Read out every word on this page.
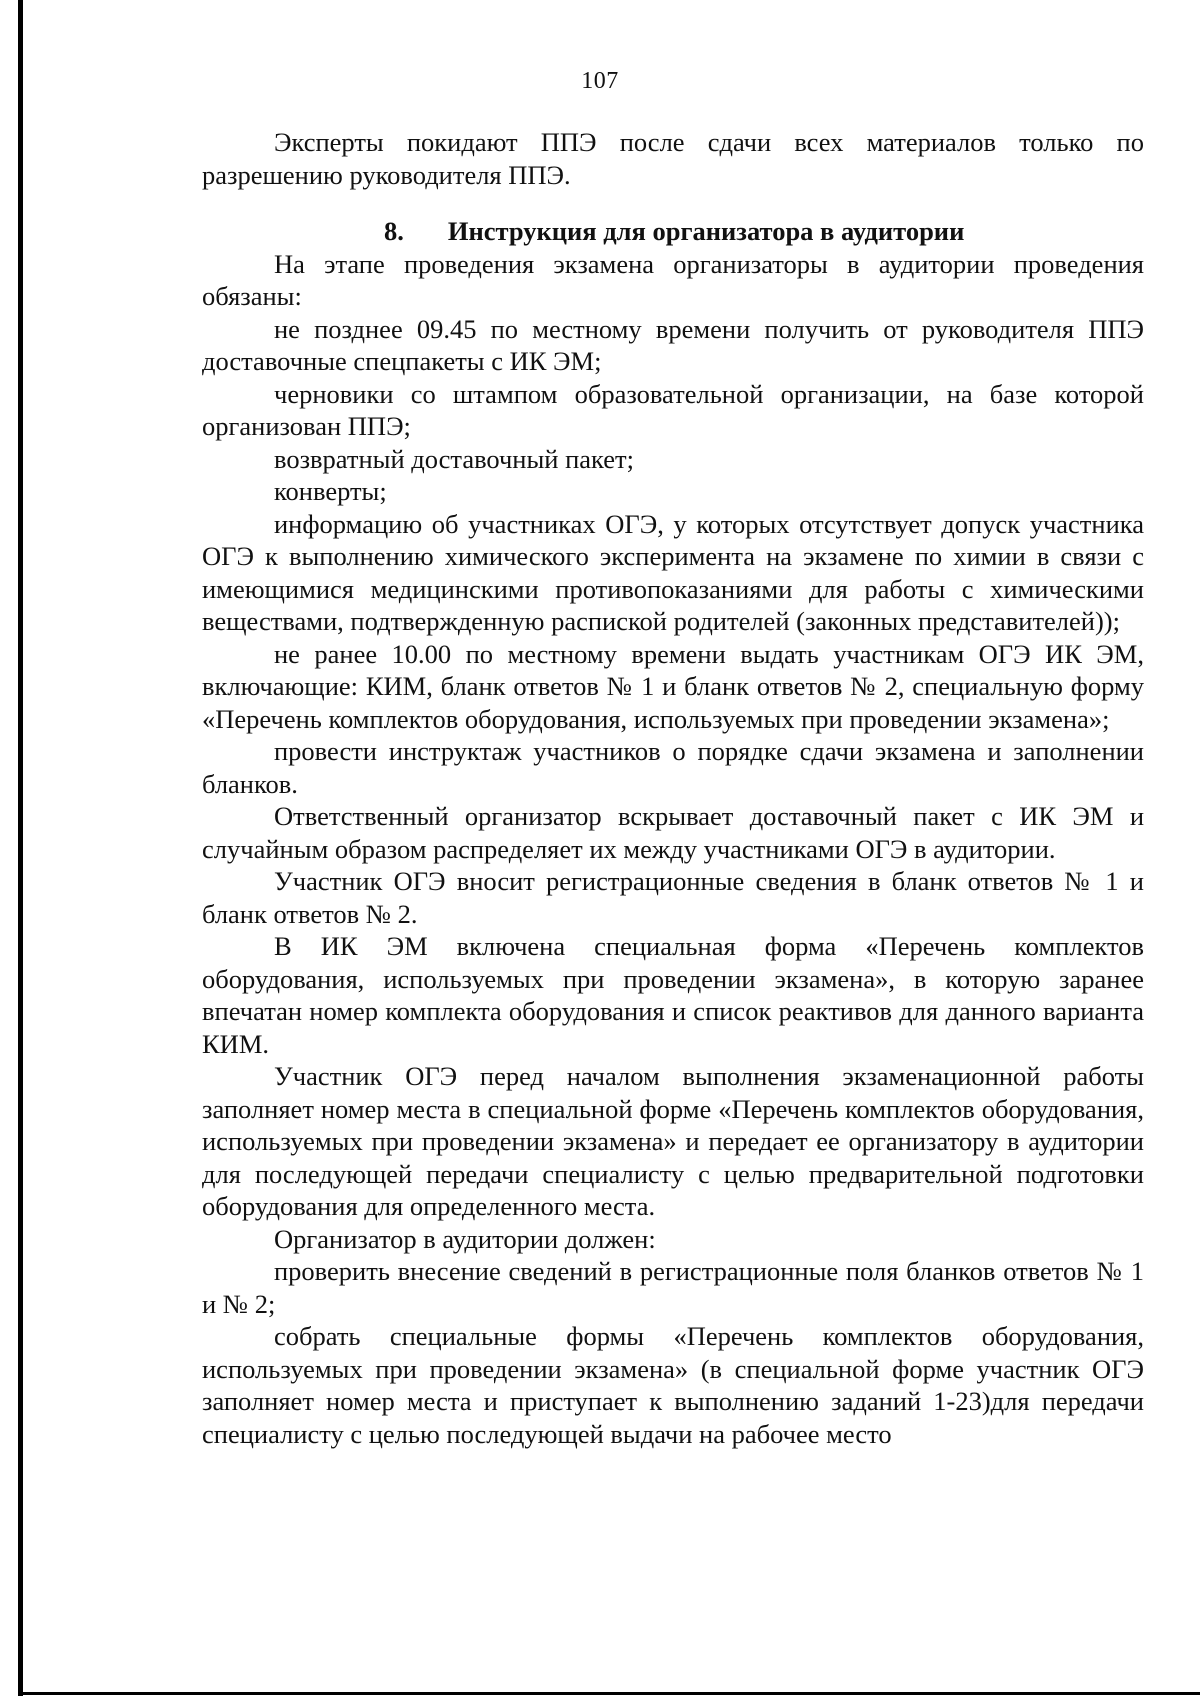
107

Эксперты покидают ППЭ после сдачи всех материалов только по разрешению руководителя ППЭ.

8. Инструкция для организатора в аудитории

На этапе проведения экзамена организаторы в аудитории проведения обязаны:

не позднее 09.45 по местному времени получить от руководителя ППЭ доставочные спецпакеты с ИК ЭМ;

черновики со штампом образовательной организации, на базе которой организован ППЭ;

возвратный доставочный пакет;

конверты;

информацию об участниках ОГЭ, у которых отсутствует допуск участника ОГЭ к выполнению химического эксперимента на экзамене по химии в связи с имеющимися медицинскими противопоказаниями для работы с химическими веществами, подтвержденную распиской родителей (законных представителей));

не ранее 10.00 по местному времени выдать участникам ОГЭ ИК ЭМ, включающие: КИМ, бланк ответов № 1 и бланк ответов № 2, специальную форму «Перечень комплектов оборудования, используемых при проведении экзамена»;

провести инструктаж участников о порядке сдачи экзамена и заполнении бланков.

Ответственный организатор вскрывает доставочный пакет с ИК ЭМ и случайным образом распределяет их между участниками ОГЭ в аудитории.

Участник ОГЭ вносит регистрационные сведения в бланк ответов № 1 и бланк ответов № 2.

В ИК ЭМ включена специальная форма «Перечень комплектов оборудования, используемых при проведении экзамена», в которую заранее впечатан номер комплекта оборудования и список реактивов для данного варианта КИМ.

Участник ОГЭ перед началом выполнения экзаменационной работы заполняет номер места в специальной форме «Перечень комплектов оборудования, используемых при проведении экзамена» и передает ее организатору в аудитории для последующей передачи специалисту с целью предварительной подготовки оборудования для определенного места.

Организатор в аудитории должен:

проверить внесение сведений в регистрационные поля бланков ответов № 1 и № 2;

собрать специальные формы «Перечень комплектов оборудования, используемых при проведении экзамена» (в специальной форме участник ОГЭ заполняет номер места и приступает к выполнению заданий 1-23)для передачи специалисту с целью последующей выдачи на рабочее место
